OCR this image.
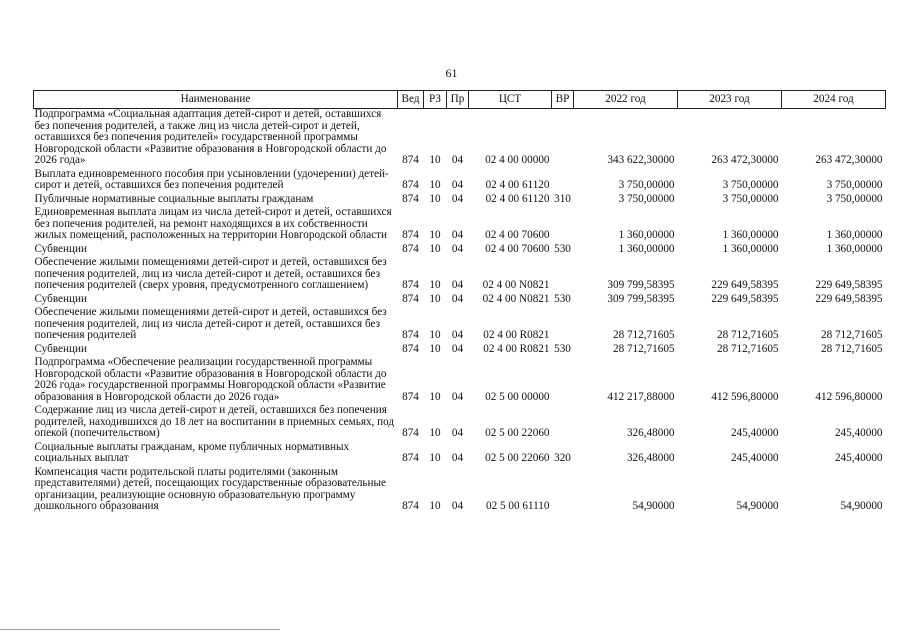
61
Наименование	Вед	РЗ	Пр	ЦСТ	ВР	2022 год	2023 год	2024 год
Подпрограмма «Социальная адаптация детей-сирот и детей, оставшихся без попечения родителей, а также лиц из числа детей-сирот и детей, оставшихся без попечения родителей» государственной программы Новгородской области «Развитие образования в Новгородской области до 2026 года»	874	10	04	02 4 00 00000		343 622,30000	263 472,30000	263 472,30000
Выплата единовременного пособия при усыновлении (удочерении) детей-сирот и детей, оставшихся без попечения родителей	874	10	04	02 4 00 61120		3 750,00000	3 750,00000	3 750,00000
Публичные нормативные социальные выплаты гражданам	874	10	04	02 4 00 61120	310	3 750,00000	3 750,00000	3 750,00000
Единовременная выплата лицам из числа детей-сирот и детей, оставшихся без попечения родителей, на ремонт находящихся в их собственности жилых помещений, расположенных на территории Новгородской области	874	10	04	02 4 00 70600		1 360,00000	1 360,00000	1 360,00000
Субвенции	874	10	04	02 4 00 70600	530	1 360,00000	1 360,00000	1 360,00000
Обеспечение жилыми помещениями детей-сирот и детей, оставшихся без попечения родителей, лиц из числа детей-сирот и детей, оставшихся без попечения родителей (сверх уровня, предусмотренного соглашением)	874	10	04	02 4 00 N0821		309 799,58395	229 649,58395	229 649,58395
Субвенции	874	10	04	02 4 00 N0821	530	309 799,58395	229 649,58395	229 649,58395
Обеспечение жилыми помещениями детей-сирот и детей, оставшихся без попечения родителей, лиц из числа детей-сирот и детей, оставшихся без попечения родителей	874	10	04	02 4 00 R0821		28 712,71605	28 712,71605	28 712,71605
Субвенции	874	10	04	02 4 00 R0821	530	28 712,71605	28 712,71605	28 712,71605
Подпрограмма «Обеспечение реализации государственной программы Новгородской области «Развитие образования в Новгородской области до 2026 года» государственной программы Новгородской области «Развитие образования в Новгородской области до 2026 года»	874	10	04	02 5 00 00000		412 217,88000	412 596,80000	412 596,80000
Содержание лиц из числа детей-сирот и детей, оставшихся без попечения родителей, находившихся до 18 лет на воспитании в приемных семьях, под опекой (попечительством)	874	10	04	02 5 00 22060		326,48000	245,40000	245,40000
Социальные выплаты гражданам, кроме публичных нормативных социальных выплат	874	10	04	02 5 00 22060	320	326,48000	245,40000	245,40000
Компенсация части родительской платы родителями (законным представителями) детей, посещающих государственные образовательные организации, реализующие основную образовательную программу дошкольного образования	874	10	04	02 5 00 61110		54,90000	54,90000	54,90000
